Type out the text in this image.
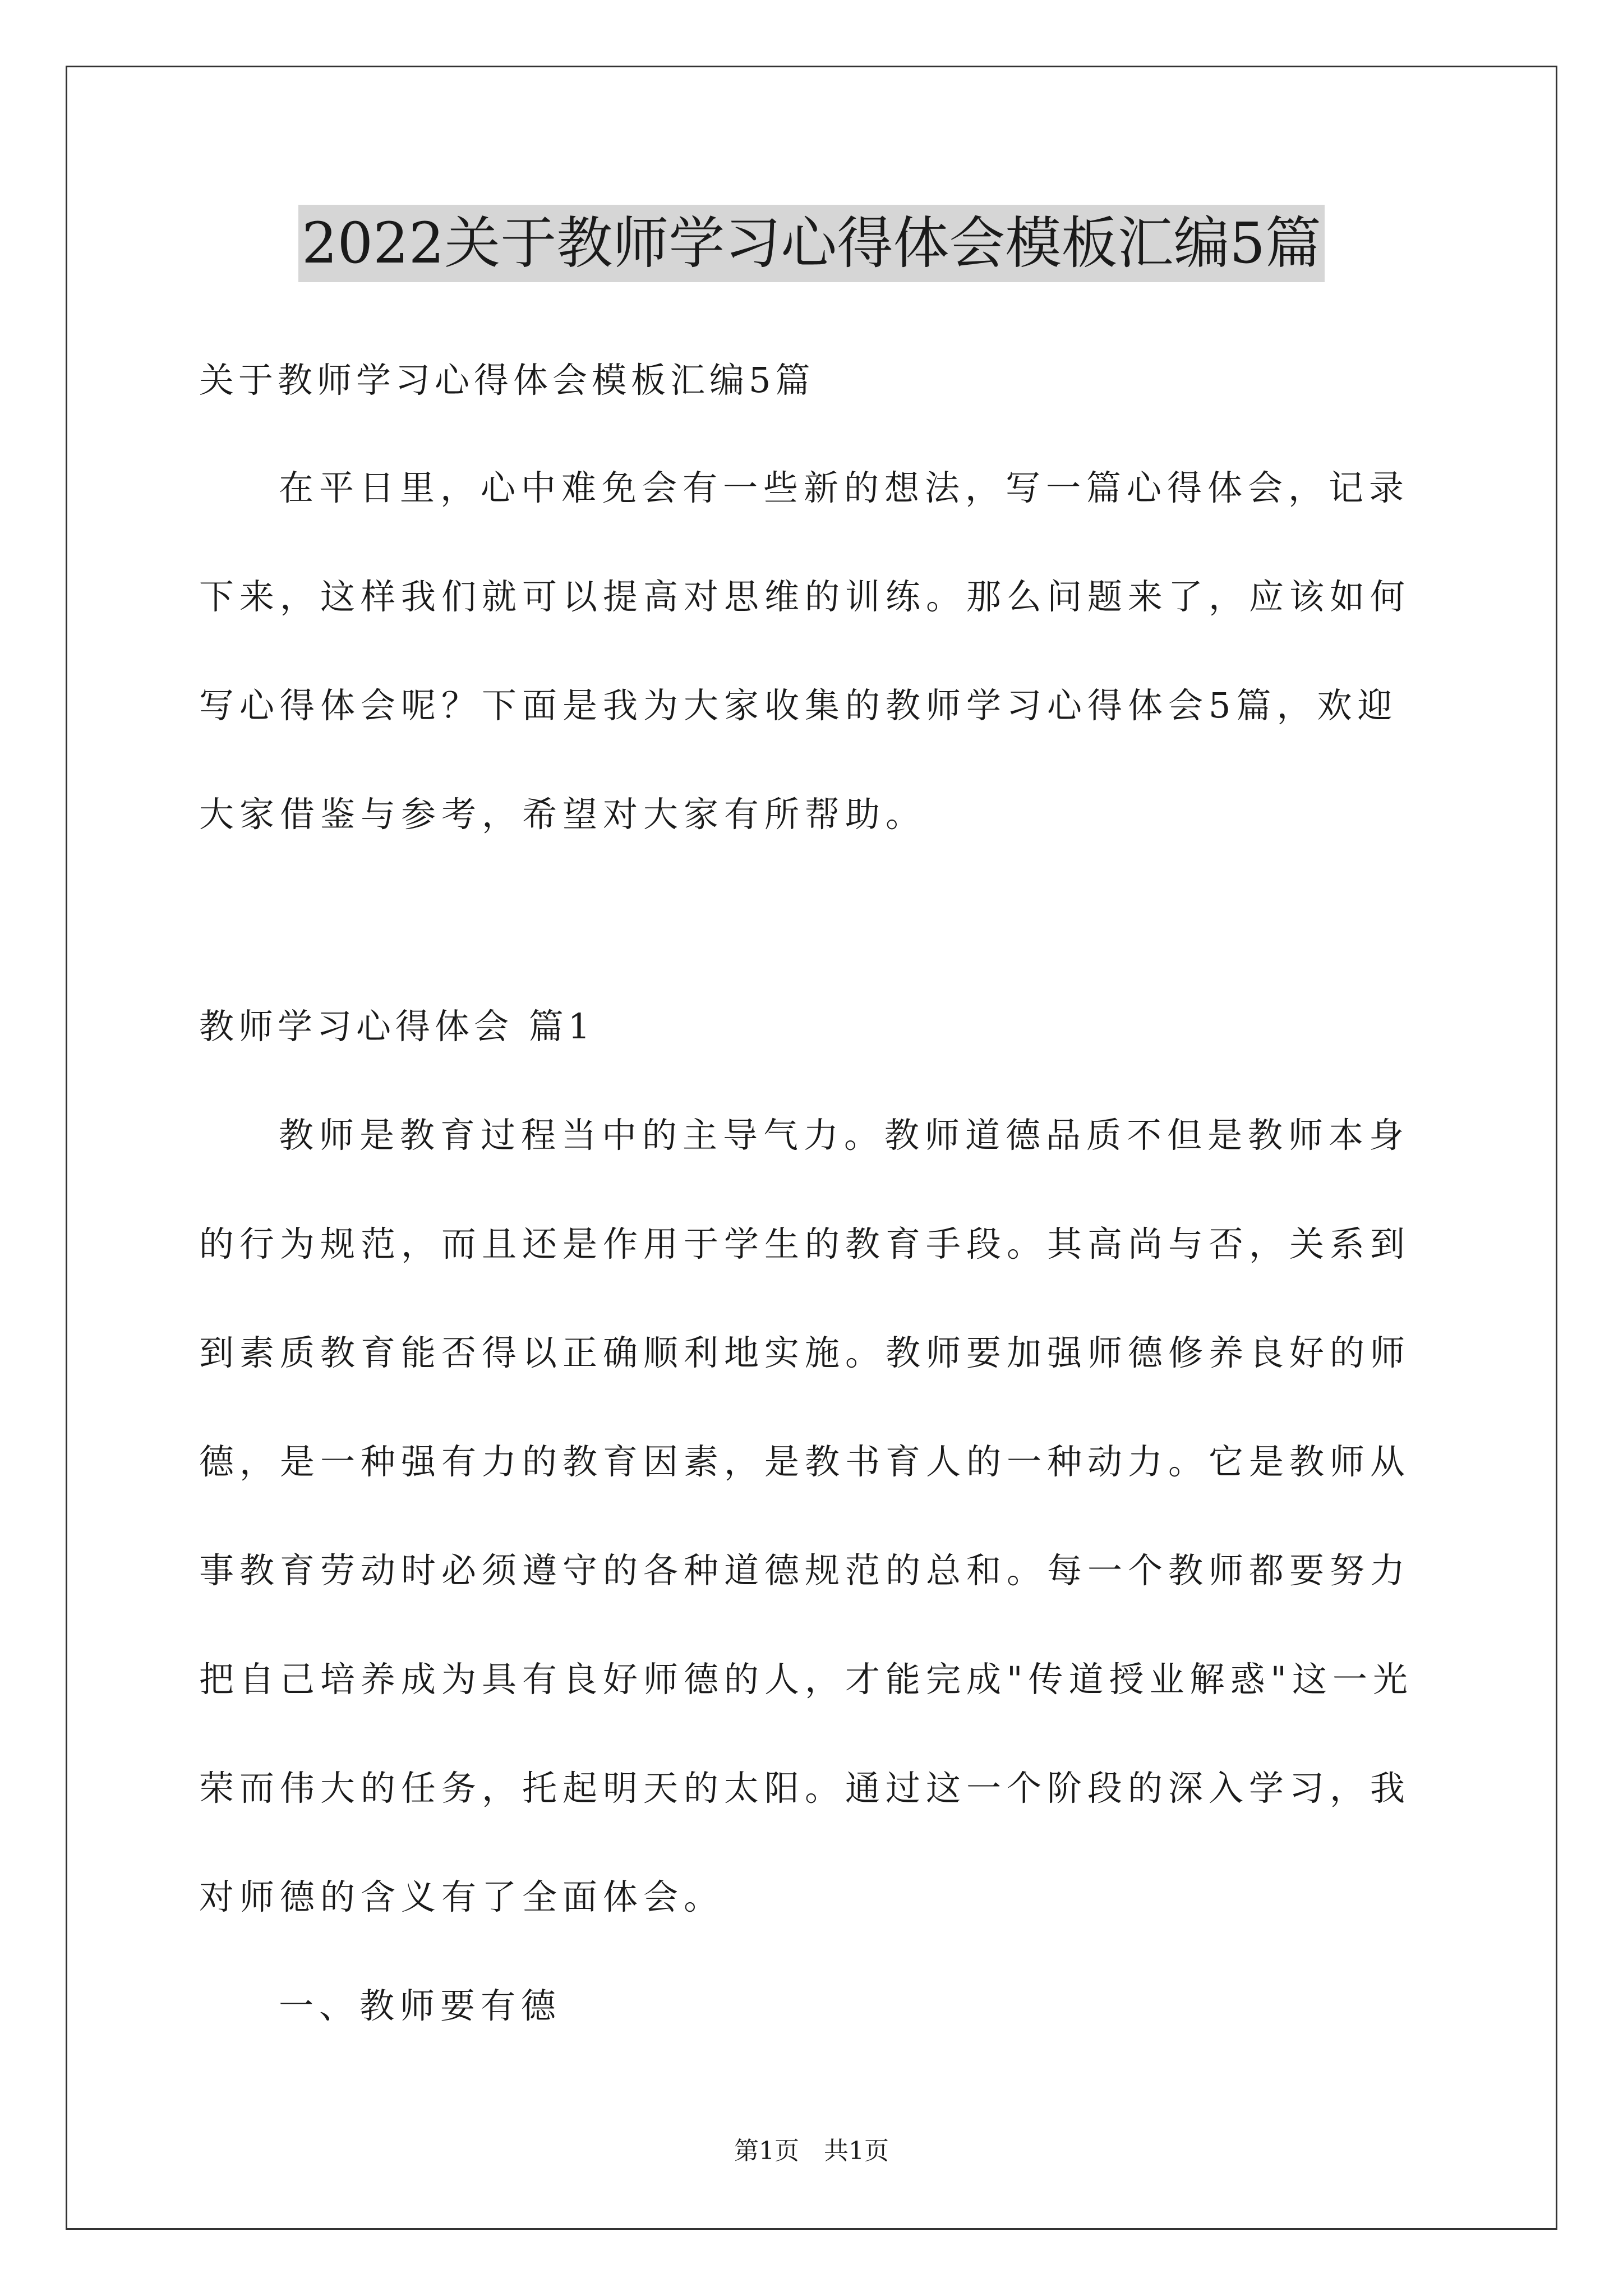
2022关于教师学习心得体会模板汇编5篇
关于教师学习心得体会模板汇编5篇
在平日里，心中难免会有一些新的想法，写一篇心得体会，记录
下来，这样我们就可以提高对思维的训练。那么问题来了，应该如何
写心得体会呢？下面是我为大家收集的教师学习心得体会5篇，欢迎
大家借鉴与参考，希望对大家有所帮助。
教师学习心得体会 篇1
教师是教育过程当中的主导气力。教师道德品质不但是教师本身
的行为规范，而且还是作用于学生的教育手段。其高尚与否，关系到
到素质教育能否得以正确顺利地实施。教师要加强师德修养良好的师
德，是一种强有力的教育因素，是教书育人的一种动力。它是教师从
事教育劳动时必须遵守的各种道德规范的总和。每一个教师都要努力
把自己培养成为具有良好师德的人，才能完成"传道授业解惑"这一光
荣而伟大的任务，托起明天的太阳。通过这一个阶段的深入学习，我
对师德的含义有了全面体会。
一、教师要有德
第1页　共1页
